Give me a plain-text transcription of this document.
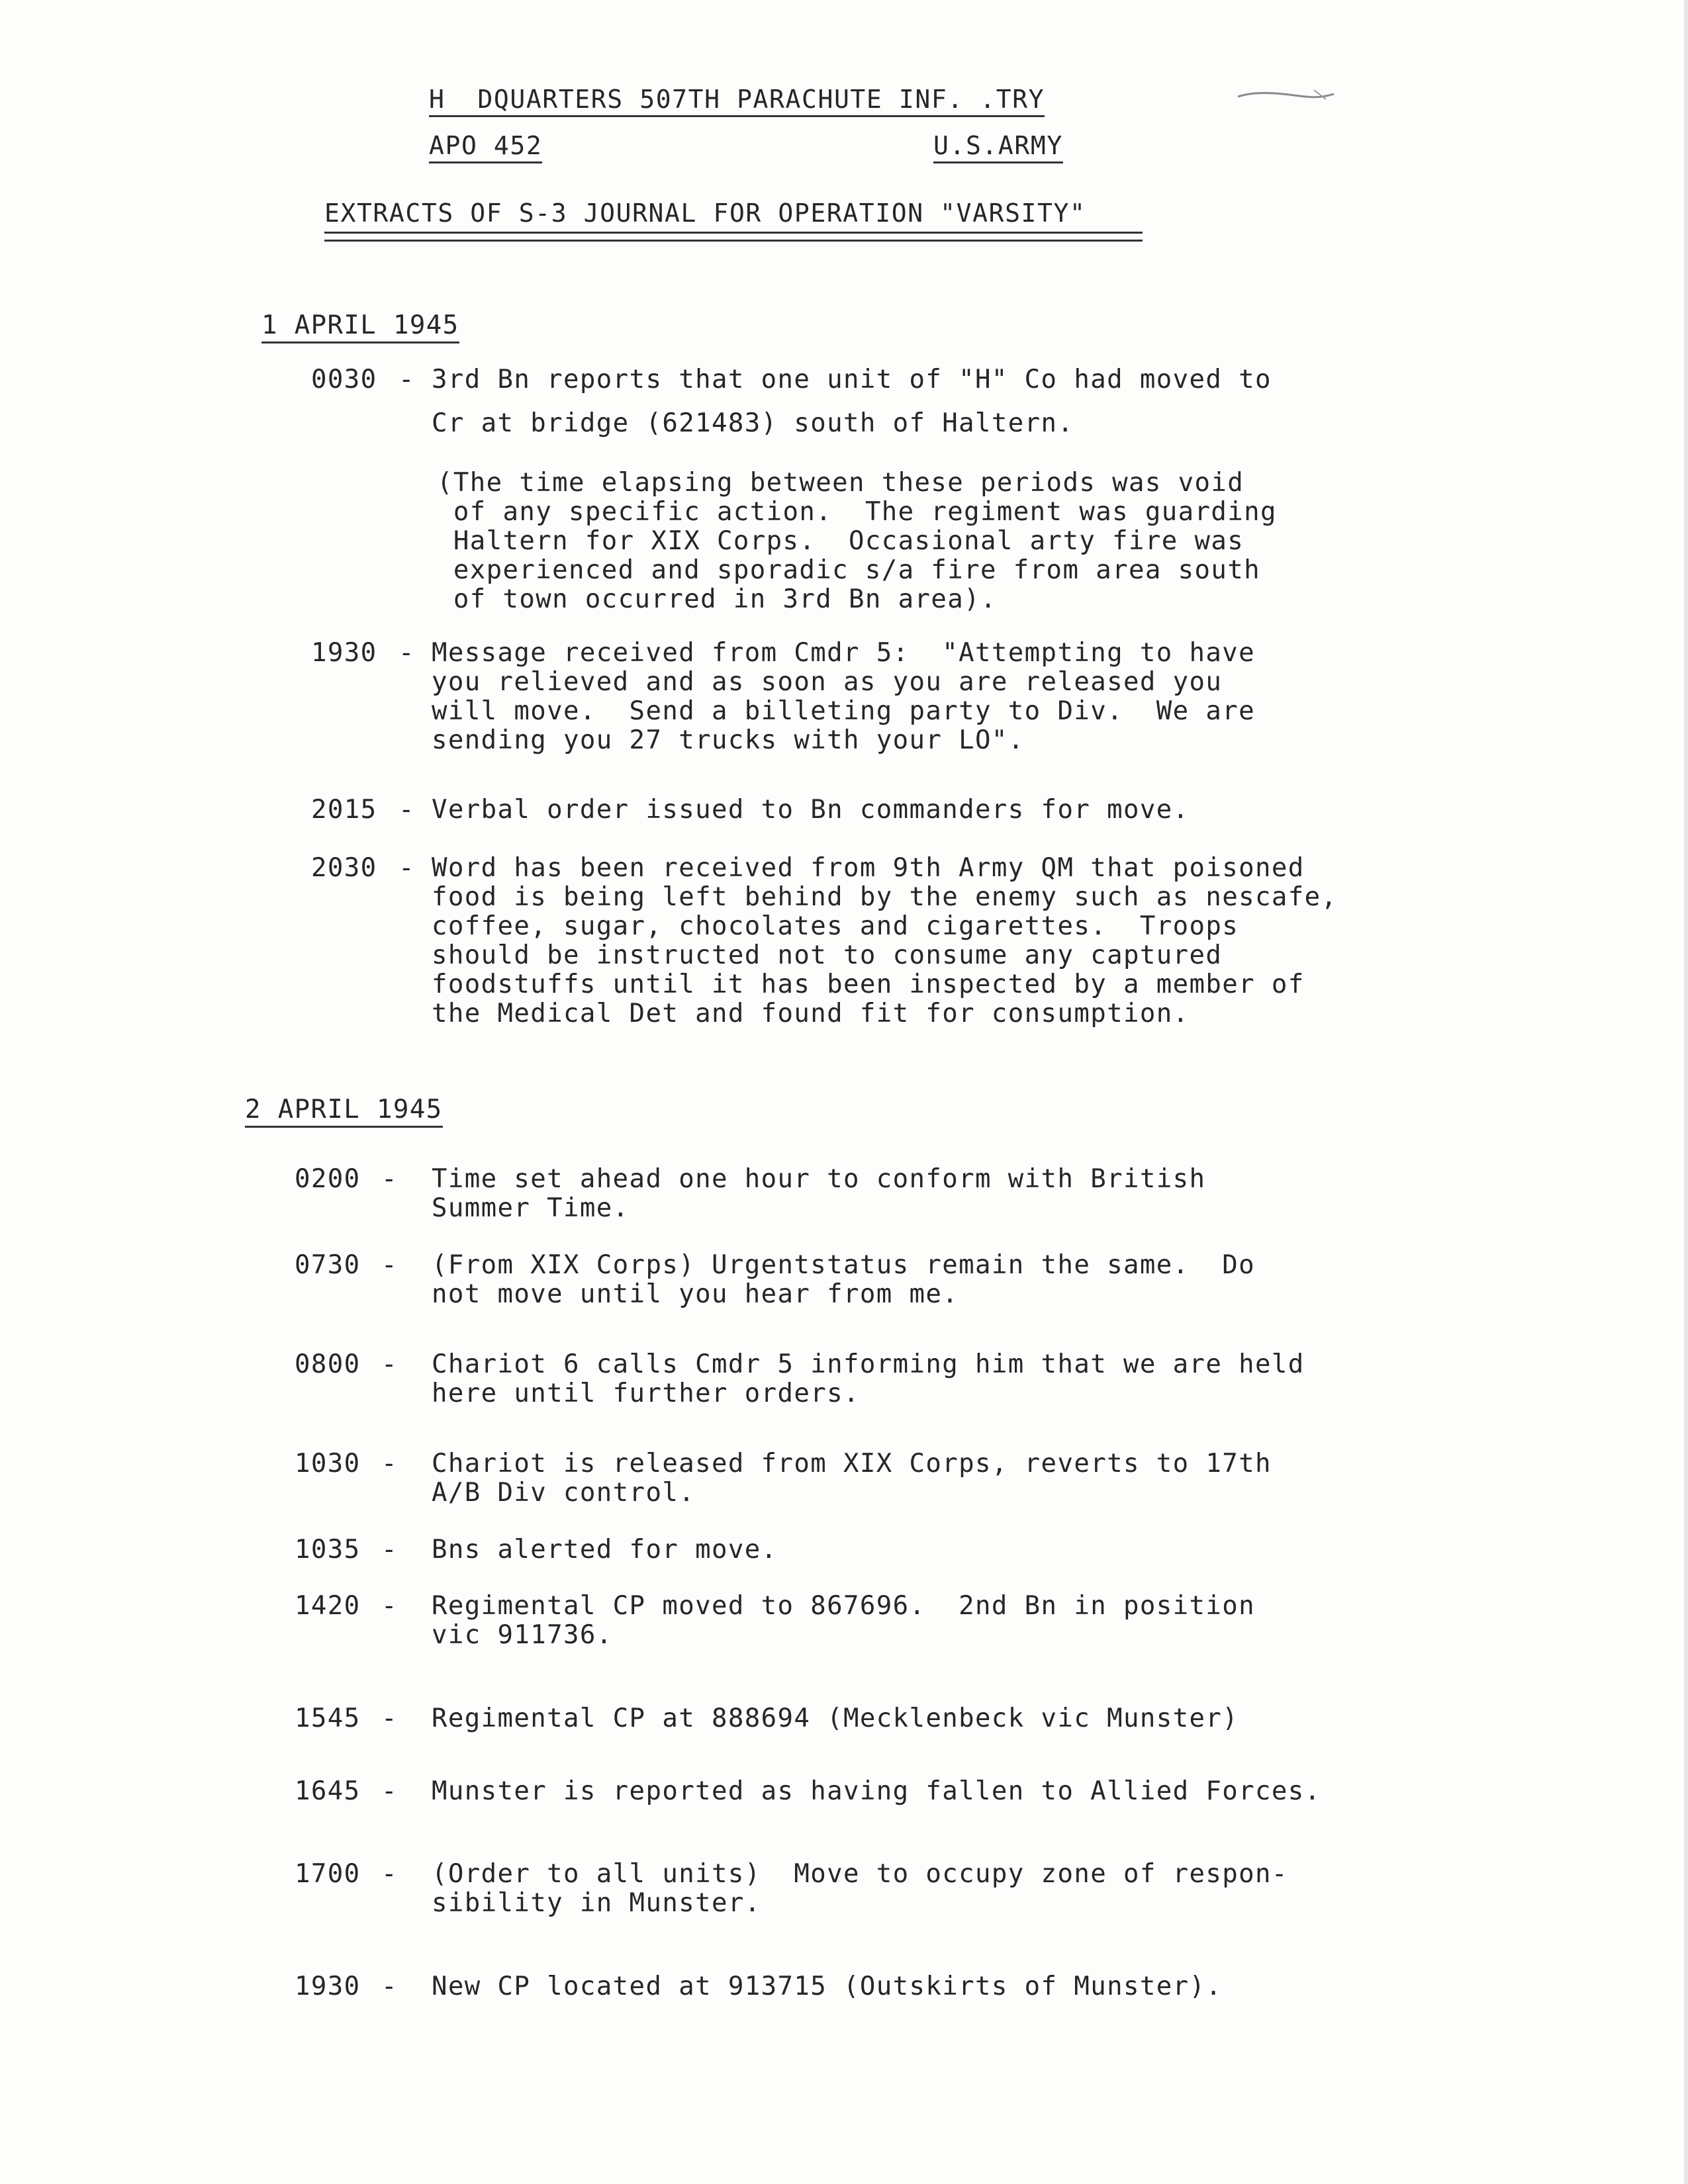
H  DQUARTERS 507TH PARACHUTE INF. .TRY
APO 452	U.S.ARMY
EXTRACTS OF S-3 JOURNAL FOR OPERATION "VARSITY"
1 APRIL 1945
0030 - 3rd Bn reports that one unit of "H" Co had moved to
Cr at bridge (621483) south of Haltern.
(The time elapsing between these periods was void
of any specific action.  The regiment was guarding
Haltern for XIX Corps.  Occasional arty fire was
experienced and sporadic s/a fire from area south
of town occurred in 3rd Bn area).
1930 - Message received from Cmdr 5:  "Attempting to have
you relieved and as soon as you are released you
will move.  Send a billeting party to Div.  We are
sending you 27 trucks with your LO".
2015 - Verbal order issued to Bn commanders for move.
2030 - Word has been received from 9th Army QM that poisoned
food is being left behind by the enemy such as nescafe,
coffee, sugar, chocolates and cigarettes.  Troops
should be instructed not to consume any captured
foodstuffs until it has been inspected by a member of
the Medical Det and found fit for consumption.
2 APRIL 1945
0200 - Time set ahead one hour to conform with British
Summer Time.
0730 - (From XIX Corps) Urgentstatus remain the same.  Do
not move until you hear from me.
0800 - Chariot 6 calls Cmdr 5 informing him that we are held
here until further orders.
1030 - Chariot is released from XIX Corps, reverts to 17th
A/B Div control.
1035 - Bns alerted for move.
1420 - Regimental CP moved to 867696.  2nd Bn in position
vic 911736.
1545 - Regimental CP at 888694 (Mecklenbeck vic Munster)
1645 - Munster is reported as having fallen to Allied Forces.
1700 - (Order to all units)  Move to occupy zone of respon-
sibility in Munster.
1930 - New CP located at 913715 (Outskirts of Munster).
